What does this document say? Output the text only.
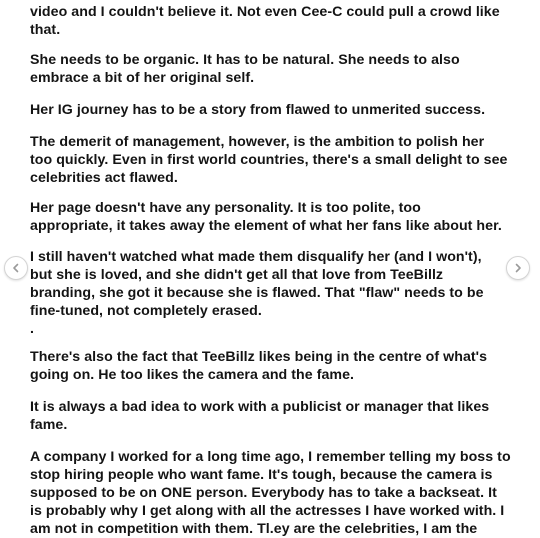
video and I couldn't believe it. Not even Cee-C could pull a crowd like
that.

She needs to be organic. It has to be natural. She needs to also
embrace a bit of her original self.

Her IG journey has to be a story from flawed to unmerited success.

The demerit of management, however, is the ambition to polish her
too quickly. Even in first world countries, there's a small delight to see
celebrities act flawed.

Her page doesn't have any personality. It is too polite, too
appropriate, it takes away the element of what her fans like about her.

I still haven't watched what made them disqualify her (and I won't),
but she is loved, and she didn't get all that love from TeeBillz
branding, she got it because she is flawed. That "flaw" needs to be
fine-tuned, not completely erased.
.

There's also the fact that TeeBillz likes being in the centre of what's
going on. He too likes the camera and the fame.

It is always a bad idea to work with a publicist or manager that likes
fame.

A company I worked for a long time ago, I remember telling my boss to
stop hiring people who want fame. It's tough, because the camera is
supposed to be on ONE person. Everybody has to take a backseat. It
is probably why I get along with all the actresses I have worked with. I
am not in competition with them. Tl.ey are the celebrities, I am the
